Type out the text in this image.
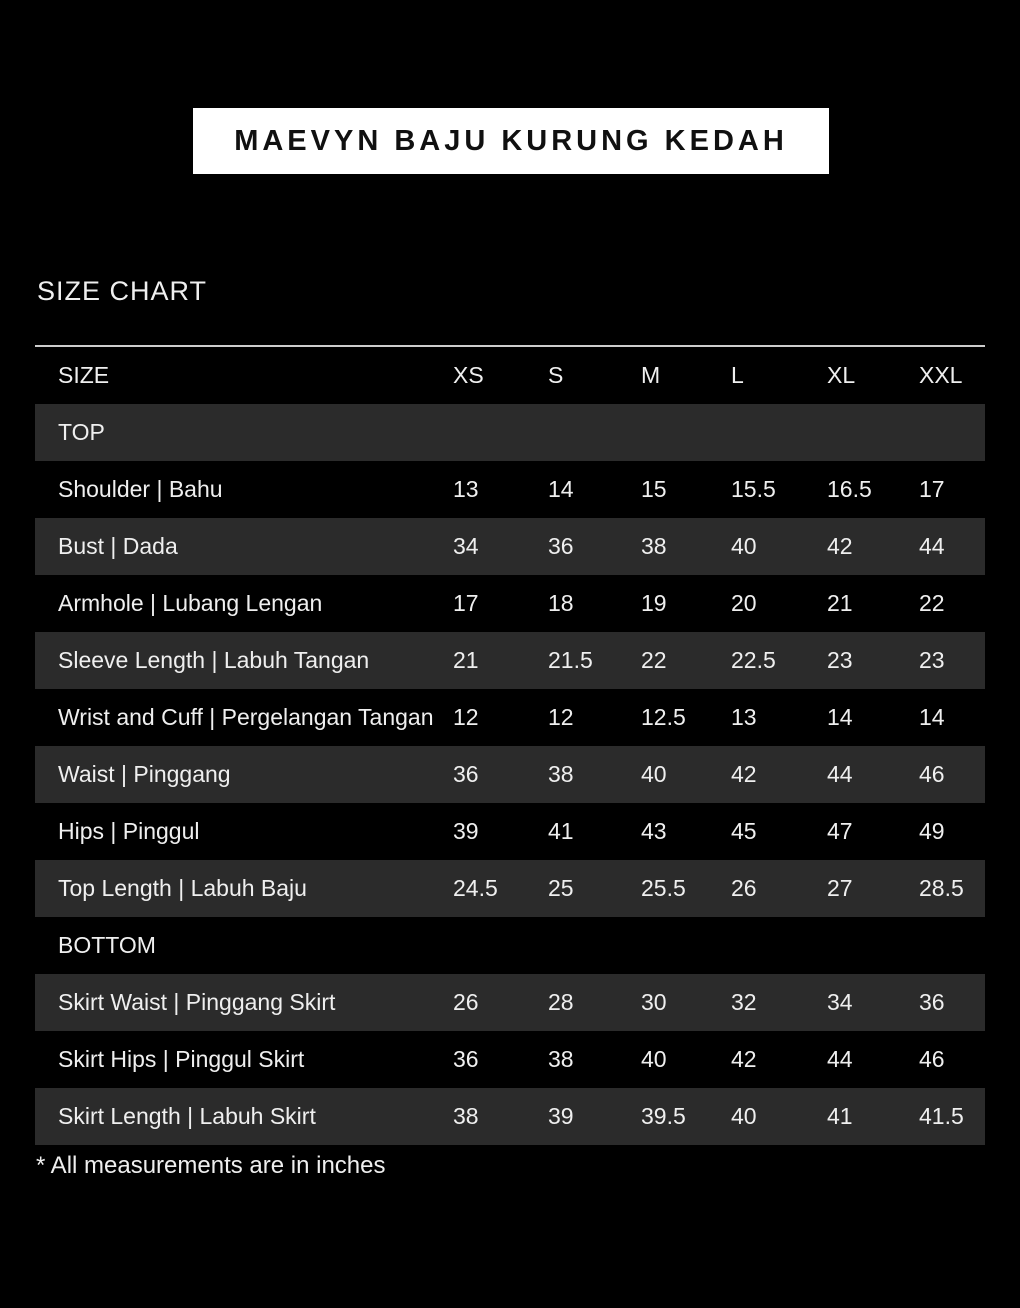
MAEVYN BAJU KURUNG KEDAH
SIZE CHART
SIZE	XS	S	M	L	XL	XXL
TOP
Shoulder | Bahu	13	14	15	15.5	16.5	17
Bust | Dada	34	36	38	40	42	44
Armhole | Lubang Lengan	17	18	19	20	21	22
Sleeve Length | Labuh Tangan	21	21.5	22	22.5	23	23
Wrist and Cuff | Pergelangan Tangan 12	12	12.5	13	14	14
Waist | Pinggang	36	38	40	42	44	46
Hips | Pinggul	39	41	43	45	47	49
Top Length | Labuh Baju	24.5	25	25.5	26	27	28.5
BOTTOM
Skirt Waist | Pinggang Skirt	26	28	30	32	34	36
Skirt Hips | Pinggul Skirt	36	38	40	42	44	46
Skirt Length | Labuh Skirt	38	39	39.5	40	41	41.5
* All measurements are in inches
